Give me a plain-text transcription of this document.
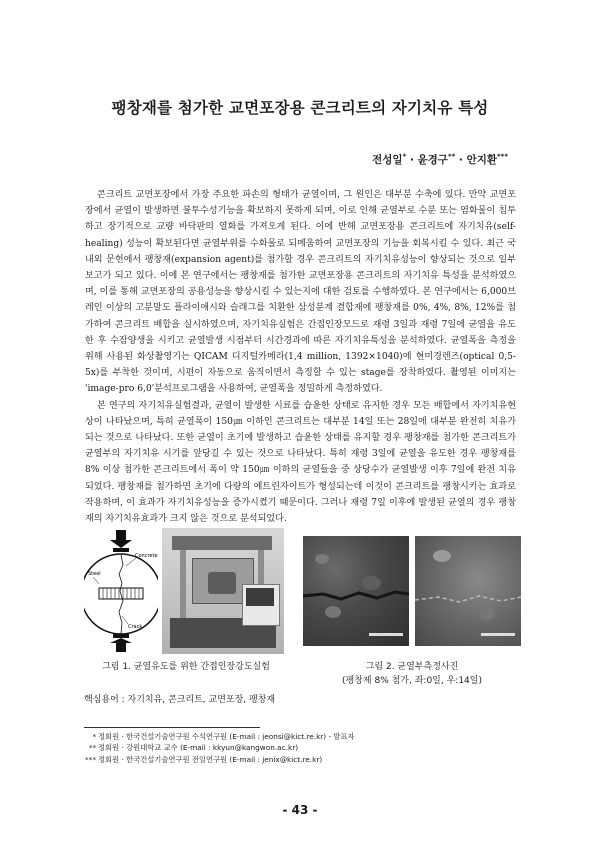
팽창재를 첨가한 교면포장용 콘크리트의 자기치유 특성
전성일* · 윤경구** · 안지환***

콘크리트 교면포장에서 가장 주요한 파손의 형태가 균열이며, 그 원인은 대부분 수축에 있다. 만약 교면포장에서 균열이 발생하면 불투수성기능을 확보하지 못하게 되며, 이로 인해 균열부로 수분 또는 염화물이 침투하고 장기적으로 교량 바닥판의 열화를 가져오게 된다. 이에 반해 교면포장용 콘크리트에 자기치유(self-healing) 성능이 확보된다면 균열부위를 수화물로 되메움하여 교면포장의 기능을 회복시킬 수 있다. 최근 국내외 문헌에서 팽창재(expansion agent)를 첨가할 경우 콘크리트의 자기치유성능이 향상되는 것으로 일부 보고가 되고 있다. 이에 본 연구에서는 팽창재를 첨가한 교면포장용 콘크리트의 자기치유 특성을 분석하였으며, 이를 통해 교면포장의 공용성능을 향상시킬 수 있는지에 대한 검토를 수행하였다. 본 연구에서는 6,000브레인 이상의 고분말도 플라이애시와 슬래그를 치환한 삼성분계 결합재에 팽창재를 0%, 4%, 8%, 12%를 첨가하여 콘크리트 배합을 실시하였으며, 자기치유실험은 간접인장모드로 재령 3일과 재령 7일에 균열을 유도한 후 수잠양생을 시키고 균열발생 시점부터 시간경과에 따른 자기치유특성을 분석하였다. 균열폭을 측정을 위해 사용된 화상촬영기는 QICAM 디지털카메라(1,4 million, 1392×1040)에 현미경렌즈(optical 0,5-5x)를 부착한 것이며, 시편이 자동으로 움직이면서 측정할 수 있는 stage를 장착하였다. 촬영된 이미지는 'image-pro 6,0'분석프로그램을 사용하여, 균열폭을 정밀하게 측정하였다.

본 연구의 자기치유실험결과, 균열이 발생한 시료를 습윤한 상태로 유지한 경우 모든 배합에서 자기치유현상이 나타났으며, 특히 균열폭이 150㎛ 이하인 콘크리트는 대부분 14일 또는 28일에 대부분 완전히 치유가 되는 것으로 나타났다. 또한 균열이 초기에 발생하고 습윤한 상태를 유지할 경우 팽창재를 첨가한 콘크리트가 균열부의 자기치유 시기를 앞당길 수 있는 것으로 나타났다. 특히 재령 3일에 균열을 유도한 경우 팽창재를 8% 이상 첨가한 콘크리트에서 폭이 약 150㎛ 이하의 균열들을 중 상당수가 균열발생 이후 7일에 완전 치유되었다. 팽창재를 첨가하면 초기에 다량의 에트린자이트가 형성되는데 이것이 콘크리트를 팽창시키는 효과로 작용하며, 이 효과가 자기치유성능을 증가시켰기 때문이다. 그러나 재령 7일 이후에 발생된 균열의 경우 팽창재의 자기치유효과가 크지 않은 것으로 분석되었다.

Concrete
Steel
Crack
그림 1. 균열유도를 위한 간접인장강도실험	그림 2. 균열부측정사진
(팽창제 8% 첨가, 좌:0일, 우:14일)
핵심용어 : 자기치유, 콘크리트, 교면포장, 팽창재
* 정회원 · 한국건설기술연구원 수석연구원 (E-mail : jeonsi@kict.re.kr) - 발표자
** 정회원 · 강원대학교 교수 (E-mail : kkyun@kangwon.ac.kr)
*** 정회원 · 한국건설기술연구원 전임연구원 (E-mail : jenix@kict.re.kr)
- 43 -
